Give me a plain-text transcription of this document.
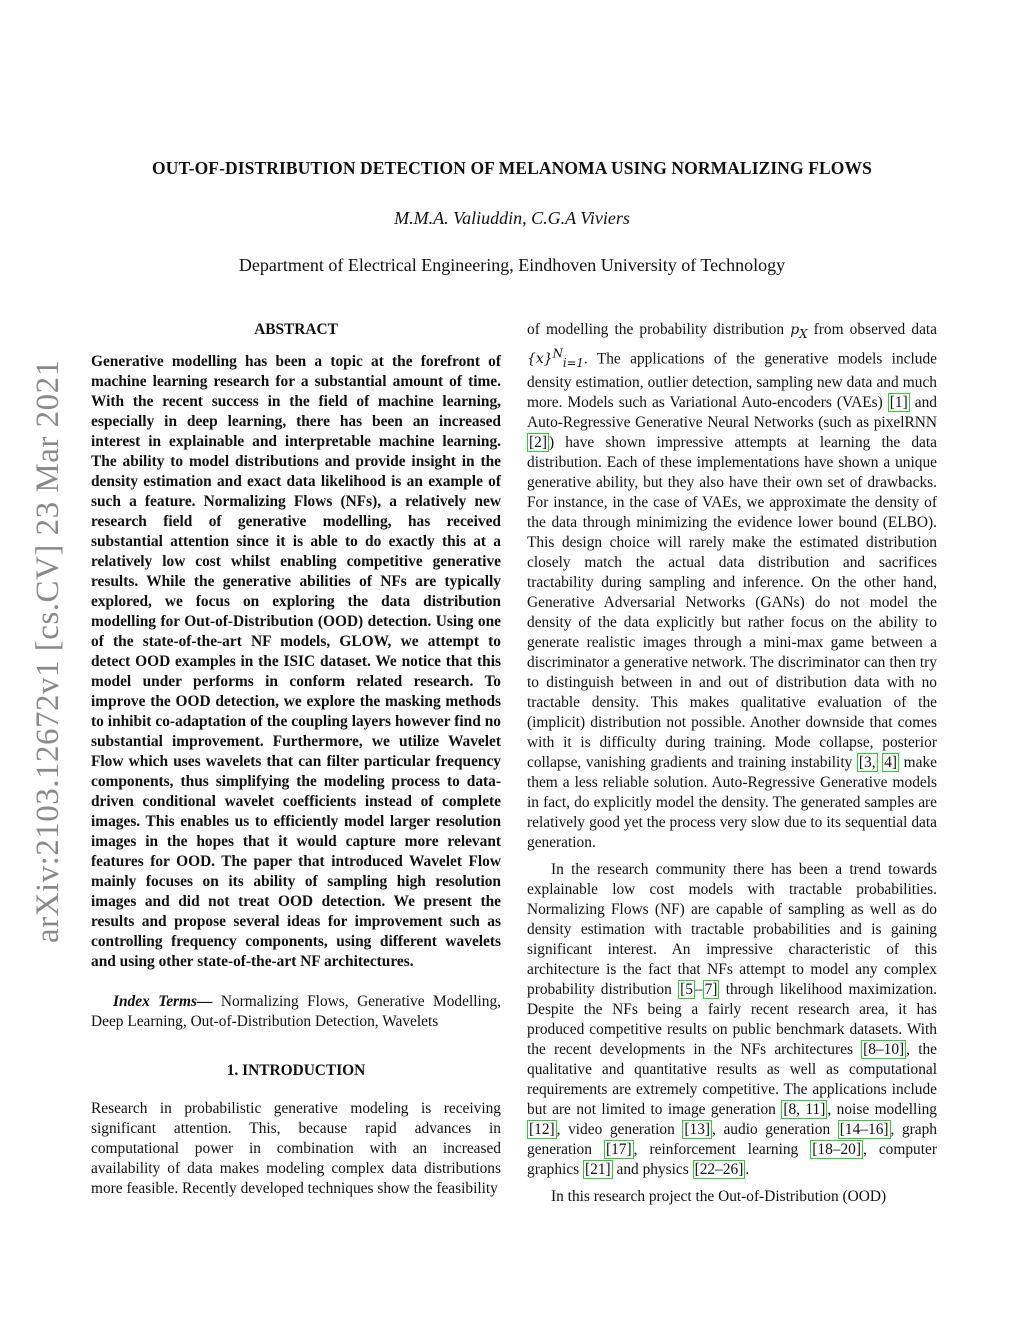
arXiv:2103.12672v1 [cs.CV] 23 Mar 2021
OUT-OF-DISTRIBUTION DETECTION OF MELANOMA USING NORMALIZING FLOWS
M.M.A. Valiuddin, C.G.A Viviers
Department of Electrical Engineering, Eindhoven University of Technology
ABSTRACT

Generative modelling has been a topic at the forefront of machine learning research for a substantial amount of time. With the recent success in the field of machine learning, especially in deep learning, there has been an increased interest in explainable and interpretable machine learning. The ability to model distributions and provide insight in the density estimation and exact data likelihood is an example of such a feature. Normalizing Flows (NFs), a relatively new research field of generative modelling, has received substantial attention since it is able to do exactly this at a relatively low cost whilst enabling competitive generative results. While the generative abilities of NFs are typically explored, we focus on exploring the data distribution modelling for Out-of-Distribution (OOD) detection. Using one of the state-of-the-art NF models, GLOW, we attempt to detect OOD examples in the ISIC dataset. We notice that this model under performs in conform related research. To improve the OOD detection, we explore the masking methods to inhibit co-adaptation of the coupling layers however find no substantial improvement. Furthermore, we utilize Wavelet Flow which uses wavelets that can filter particular frequency components, thus simplifying the modeling process to data-driven conditional wavelet coefficients instead of complete images. This enables us to efficiently model larger resolution images in the hopes that it would capture more relevant features for OOD. The paper that introduced Wavelet Flow mainly focuses on its ability of sampling high resolution images and did not treat OOD detection. We present the results and propose several ideas for improvement such as controlling frequency components, using different wavelets and using other state-of-the-art NF architectures.

Index Terms— Normalizing Flows, Generative Modelling, Deep Learning, Out-of-Distribution Detection, Wavelets

1. INTRODUCTION

Research in probabilistic generative modeling is receiving significant attention. This, because rapid advances in computational power in combination with an increased availability of data makes modeling complex data distributions more feasible. Recently developed techniques show the feasibility

of modelling the probability distribution $p_X$ from observed data $\{x\}^N_{i=1}$. The applications of the generative models include density estimation, outlier detection, sampling new data and much more. Models such as Variational Auto-encoders (VAEs) [1] and Auto-Regressive Generative Neural Networks (such as pixelRNN [2] ) have shown impressive attempts at learning the data distribution. Each of these implementations have shown a unique generative ability, but they also have their own set of drawbacks. For instance, in the case of VAEs, we approximate the density of the data through minimizing the evidence lower bound (ELBO). This design choice will rarely make the estimated distribution closely match the actual data distribution and sacrifices tractability during sampling and inference. On the other hand, Generative Adversarial Networks (GANs) do not model the density of the data explicitly but rather focus on the ability to generate realistic images through a mini-max game between a discriminator a generative network. The discriminator can then try to distinguish between in and out of distribution data with no tractable density. This makes qualitative evaluation of the (implicit) distribution not possible. Another downside that comes with it is difficulty during training. Mode collapse, posterior collapse, vanishing gradients and training instability [3, 4] make them a less reliable solution. Auto-Regressive Generative models in fact, do explicitly model the density. The generated samples are relatively good yet the process very slow due to its sequential data generation.

In the research community there has been a trend towards explainable low cost models with tractable probabilities. Normalizing Flows (NF) are capable of sampling as well as do density estimation with tractable probabilities and is gaining significant interest. An impressive characteristic of this architecture is the fact that NFs attempt to model any complex probability distribution [5 – 7] through likelihood maximization. Despite the NFs being a fairly recent research area, it has produced competitive results on public benchmark datasets. With the recent developments in the NFs architectures [8–10] , the qualitative and quantitative results as well as computational requirements are extremely competitive. The applications include but are not limited to image generation [8, 11] , noise modelling [12] , video generation [13] , audio generation [14–16] , graph generation [17] , reinforcement learning [18–20] , computer graphics [21] and physics [22–26] .

In this research project the Out-of-Distribution (OOD)
